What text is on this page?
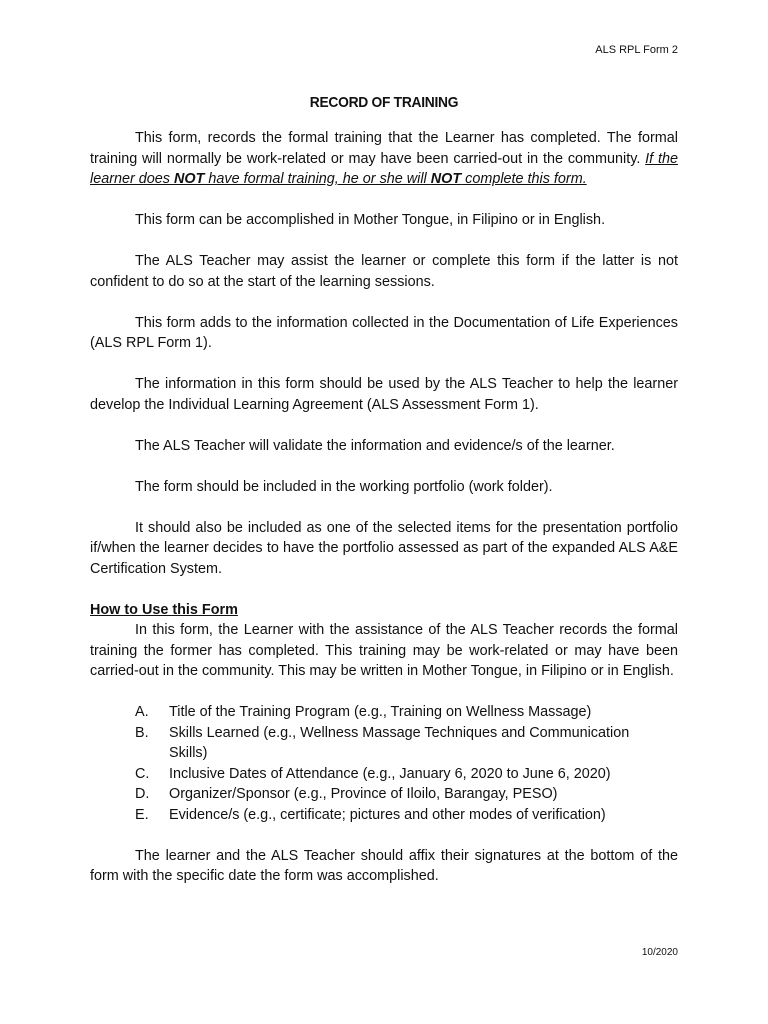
ALS RPL Form 2
RECORD OF TRAINING

This form, records the formal training that the Learner has completed. The formal training will normally be work-related or may have been carried-out in the community. If the learner does NOT have formal training, he or she will NOT complete this form.

This form can be accomplished in Mother Tongue, in Filipino or in English.

The ALS Teacher may assist the learner or complete this form if the latter is not confident to do so at the start of the learning sessions.

This form adds to the information collected in the Documentation of Life Experiences (ALS RPL Form 1).

The information in this form should be used by the ALS Teacher to help the learner develop the Individual Learning Agreement (ALS Assessment Form 1).

The ALS Teacher will validate the information and evidence/s of the learner.

The form should be included in the working portfolio (work folder).

It should also be included as one of the selected items for the presentation portfolio if/when the learner decides to have the portfolio assessed as part of the expanded ALS A&E Certification System.

How to Use this Form

In this form, the Learner with the assistance of the ALS Teacher records the formal training the former has completed. This training may be work-related or may have been carried-out in the community. This may be written in Mother Tongue, in Filipino or in English.

A.	Title of the Training Program (e.g., Training on Wellness Massage)
B.	Skills Learned (e.g., Wellness Massage Techniques and Communication Skills)
C.	Inclusive Dates of Attendance (e.g., January 6, 2020 to June 6, 2020)
D.	Organizer/Sponsor (e.g., Province of Iloilo, Barangay, PESO)
E.	Evidence/s (e.g., certificate; pictures and other modes of verification)

The learner and the ALS Teacher should affix their signatures at the bottom of the form with the specific date the form was accomplished.

10/2020
